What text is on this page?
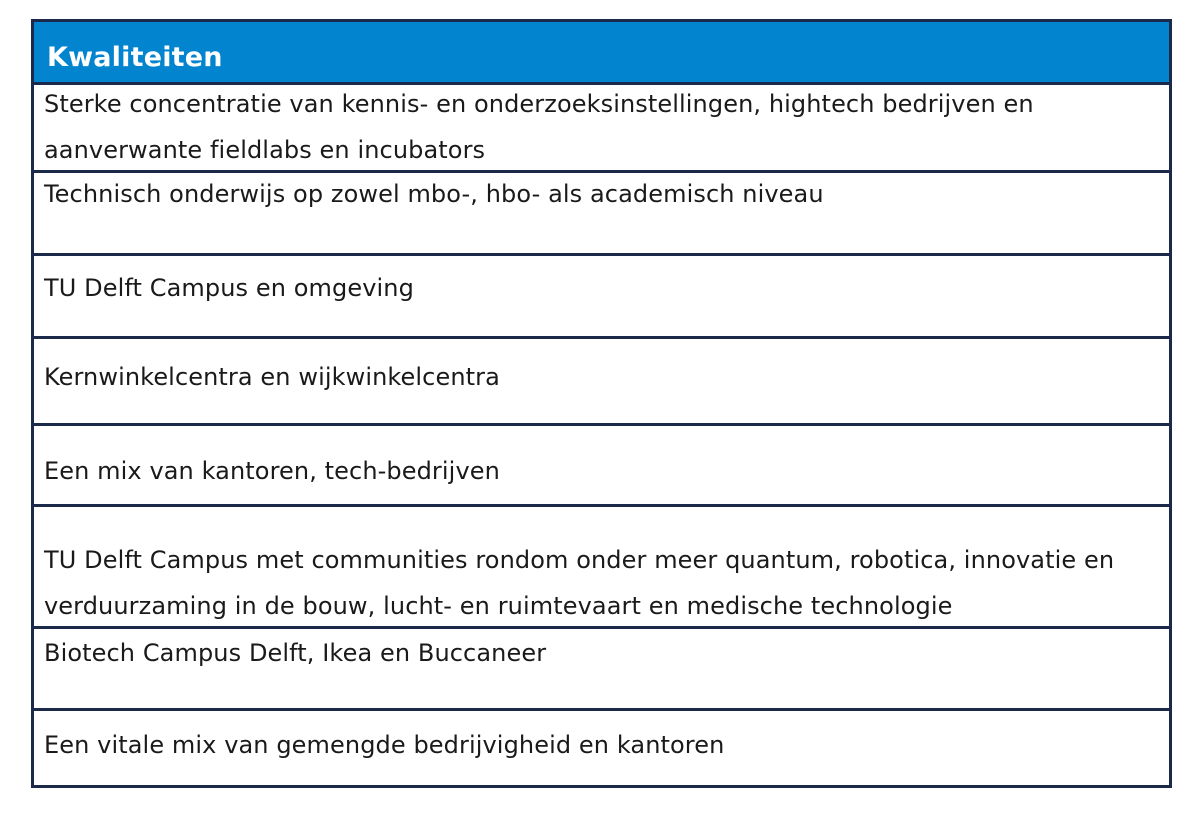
Kwaliteiten
Sterke concentratie van kennis- en onderzoeksinstellingen, hightech bedrijven en aanverwante fieldlabs en incubators
Technisch onderwijs op zowel mbo-, hbo- als academisch niveau
TU Delft Campus en omgeving
Kernwinkelcentra en wijkwinkelcentra
Een mix van kantoren, tech-bedrijven
TU Delft Campus met communities rondom onder meer quantum, robotica, innovatie en verduurzaming in de bouw, lucht- en ruimtevaart en medische technologie
Biotech Campus Delft, Ikea en Buccaneer
Een vitale mix van gemengde bedrijvigheid en kantoren
